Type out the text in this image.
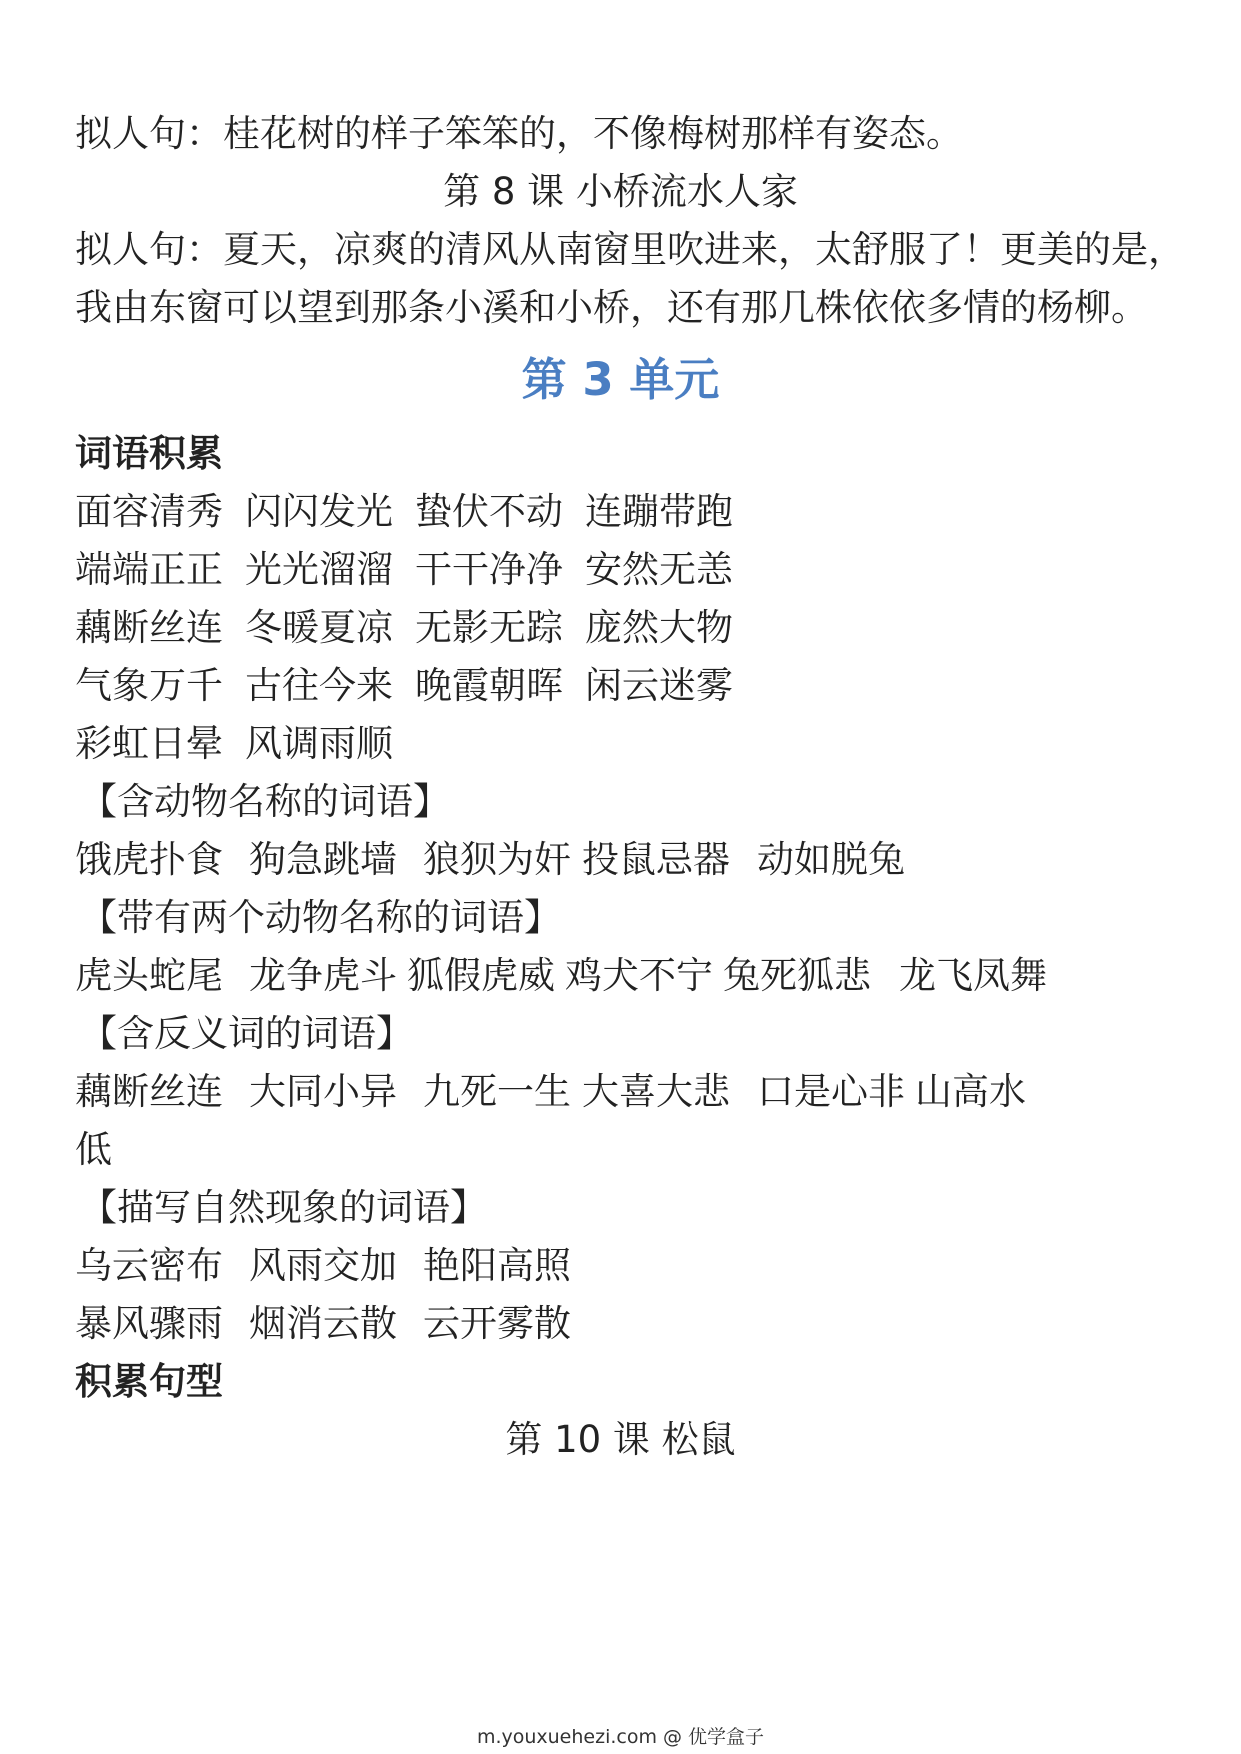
拟人句：桂花树的样子笨笨的，不像梅树那样有姿态。
第 8 课 小桥流水人家
拟人句：夏天，凉爽的清风从南窗里吹进来，太舒服了！更美的是，
我由东窗可以望到那条小溪和小桥，还有那几株依依多情的杨柳。
第 3 单元
词语积累
面容清秀 闪闪发光 蛰伏不动 连蹦带跑
端端正正 光光溜溜 干干净净 安然无恙
藕断丝连 冬暖夏凉 无影无踪 庞然大物
气象万千 古往今来 晚霞朝晖 闲云迷雾
彩虹日晕 风调雨顺
【含动物名称的词语】
饿虎扑食 狗急跳墙 狼狈为奸 投鼠忌器 动如脱兔
【带有两个动物名称的词语】
虎头蛇尾 龙争虎斗 狐假虎威 鸡犬不宁 兔死狐悲 龙飞凤舞
【含反义词的词语】
藕断丝连 大同小异 九死一生 大喜大悲 口是心非 山高水
低
【描写自然现象的词语】
乌云密布 风雨交加 艳阳高照
暴风骤雨 烟消云散 云开雾散
积累句型
第 10 课 松鼠
m.youxuehezi.com @ 优学盒子
